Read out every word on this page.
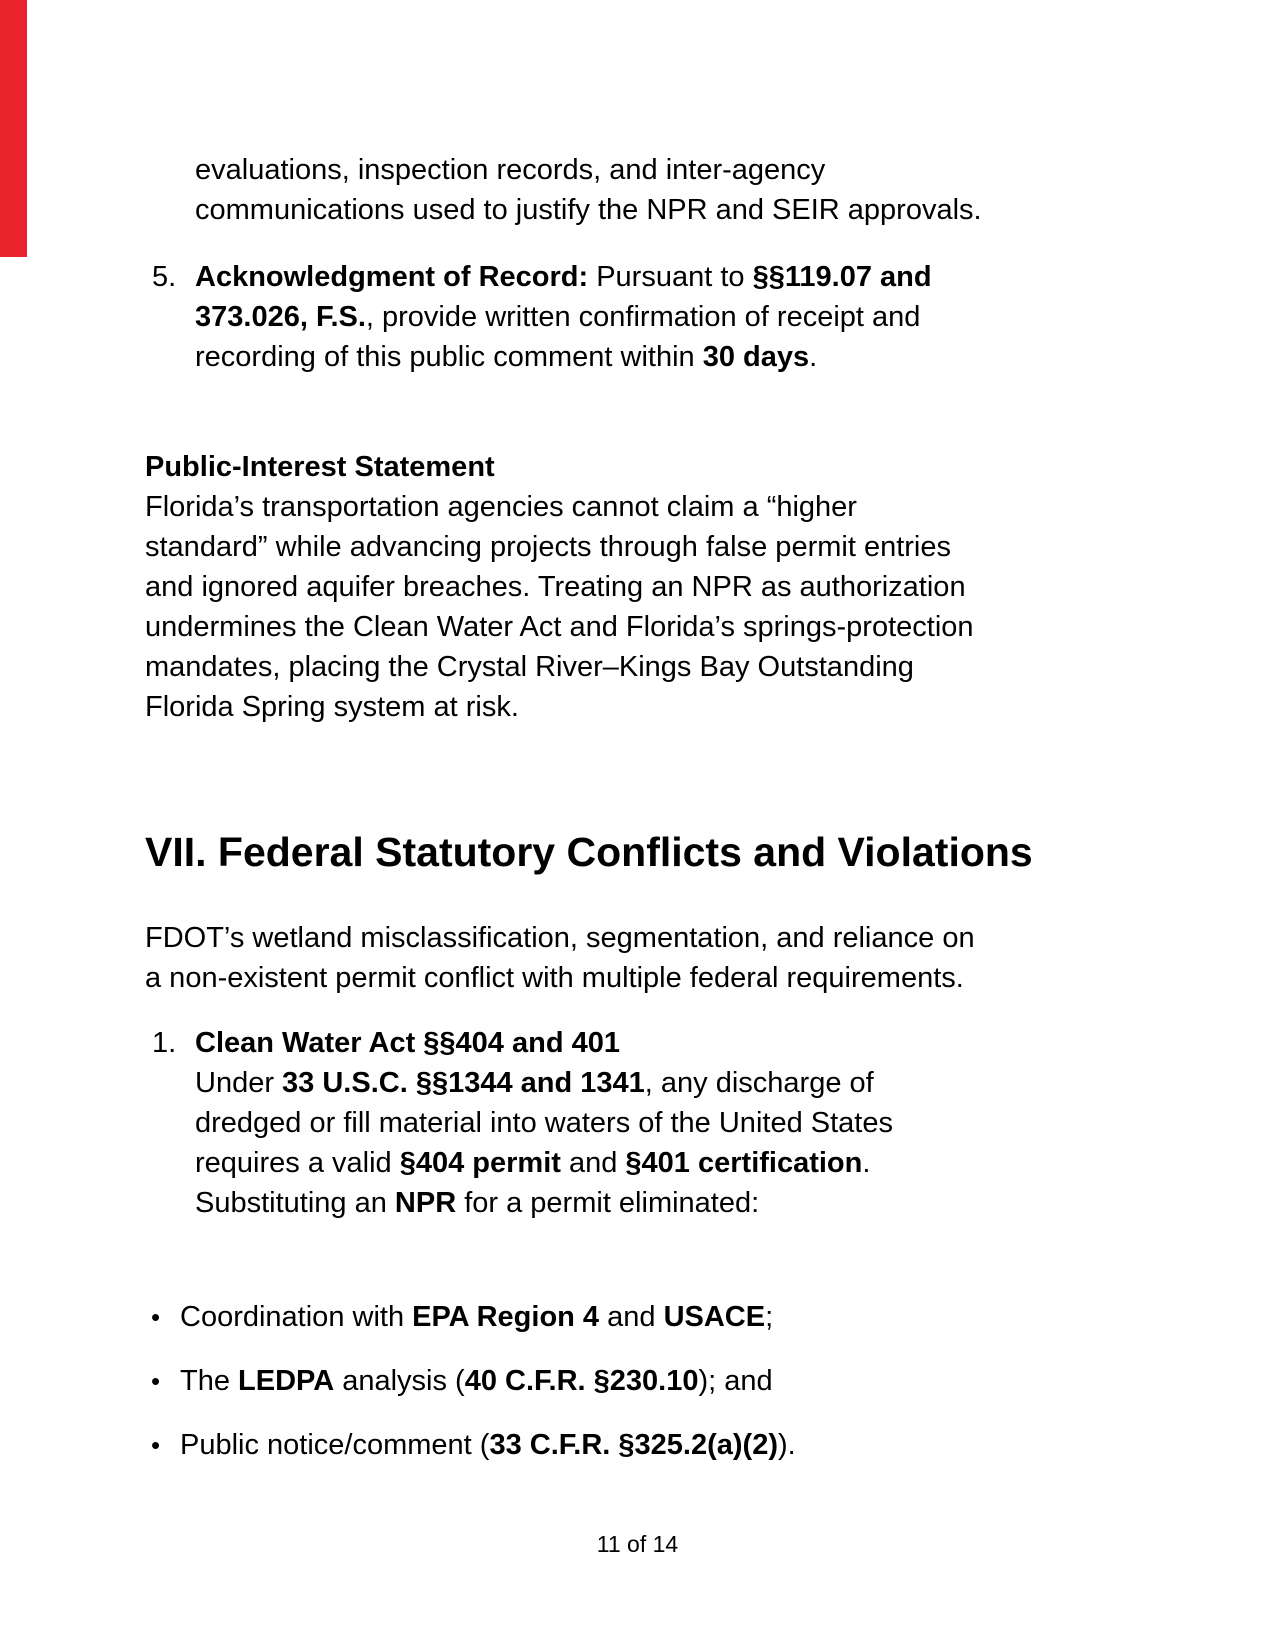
evaluations, inspection records, and inter-agency
communications used to justify the NPR and SEIR approvals.
5. Acknowledgment of Record: Pursuant to §§119.07 and
373.026, F.S., provide written confirmation of receipt and
recording of this public comment within 30 days.
Public-Interest Statement
Florida’s transportation agencies cannot claim a “higher
standard” while advancing projects through false permit entries
and ignored aquifer breaches. Treating an NPR as authorization
undermines the Clean Water Act and Florida’s springs-protection
mandates, placing the Crystal River–Kings Bay Outstanding
Florida Spring system at risk.
VII. Federal Statutory Conflicts and Violations
FDOT’s wetland misclassification, segmentation, and reliance on
a non-existent permit conflict with multiple federal requirements.
1. Clean Water Act §§404 and 401
Under 33 U.S.C. §§1344 and 1341, any discharge of
dredged or fill material into waters of the United States
requires a valid §404 permit and §401 certification.
Substituting an NPR for a permit eliminated:
• Coordination with EPA Region 4 and USACE;
• The LEDPA analysis (40 C.F.R. §230.10); and
• Public notice/comment (33 C.F.R. §325.2(a)(2)).
11 of 14
